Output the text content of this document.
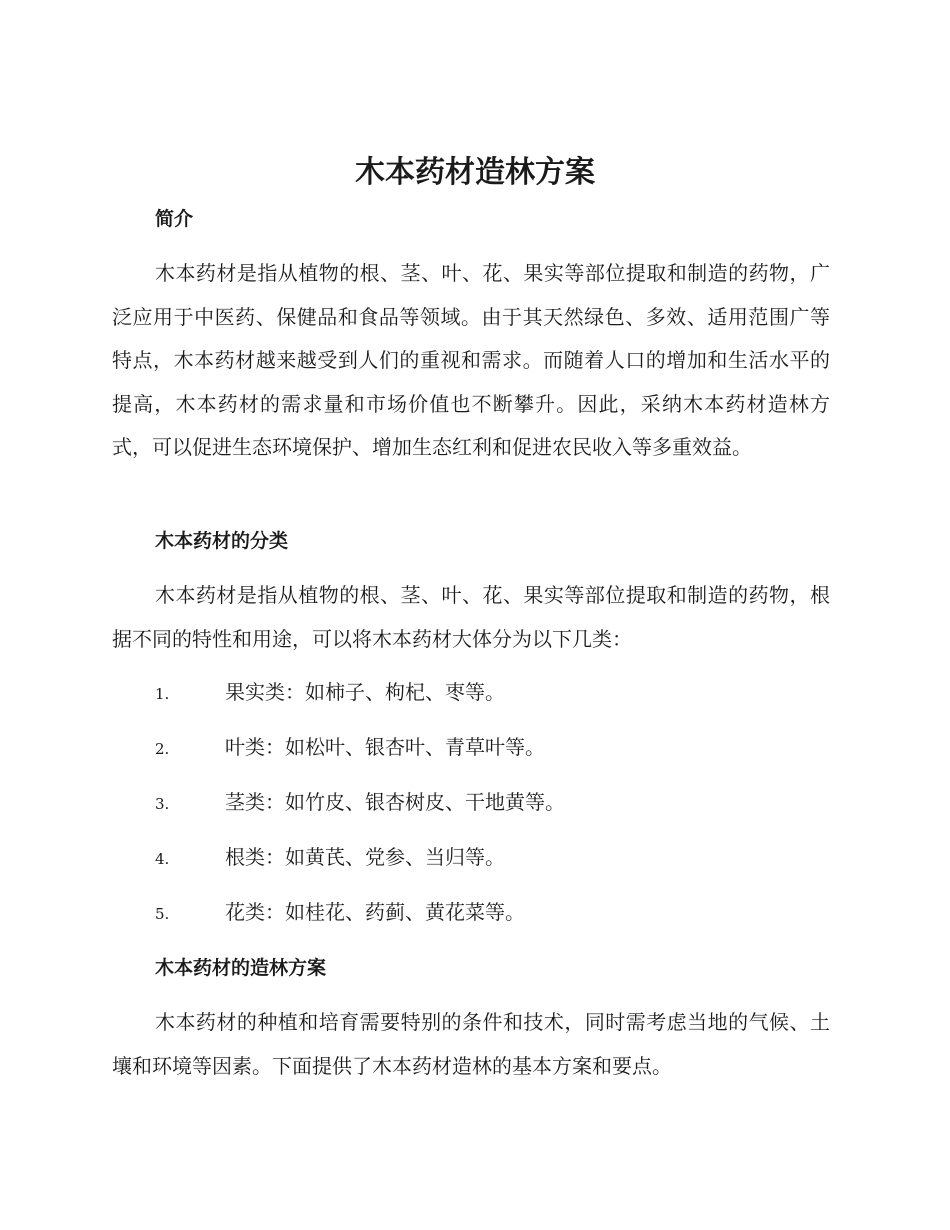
木本药材造林方案
简介

木本药材是指从植物的根、茎、叶、花、果实等部位提取和制造的药物，广泛应用于中医药、保健品和食品等领域。由于其天然绿色、多效、适用范围广等特点，木本药材越来越受到人们的重视和需求。而随着人口的增加和生活水平的提高，木本药材的需求量和市场价值也不断攀升。因此，采纳木本药材造林方式，可以促进生态环境保护、增加生态红利和促进农民收入等多重效益。

木本药材的分类

木本药材是指从植物的根、茎、叶、花、果实等部位提取和制造的药物，根据不同的特性和用途，可以将木本药材大体分为以下几类：

1.	果实类：如柿子、枸杞、枣等。
2.	叶类：如松叶、银杏叶、青草叶等。
3.	茎类：如竹皮、银杏树皮、干地黄等。
4.	根类：如黄芪、党参、当归等。
5.	花类：如桂花、药蓟、黄花菜等。
木本药材的造林方案

木本药材的种植和培育需要特别的条件和技术，同时需考虑当地的气候、土壤和环境等因素。下面提供了木本药材造林的基本方案和要点。
